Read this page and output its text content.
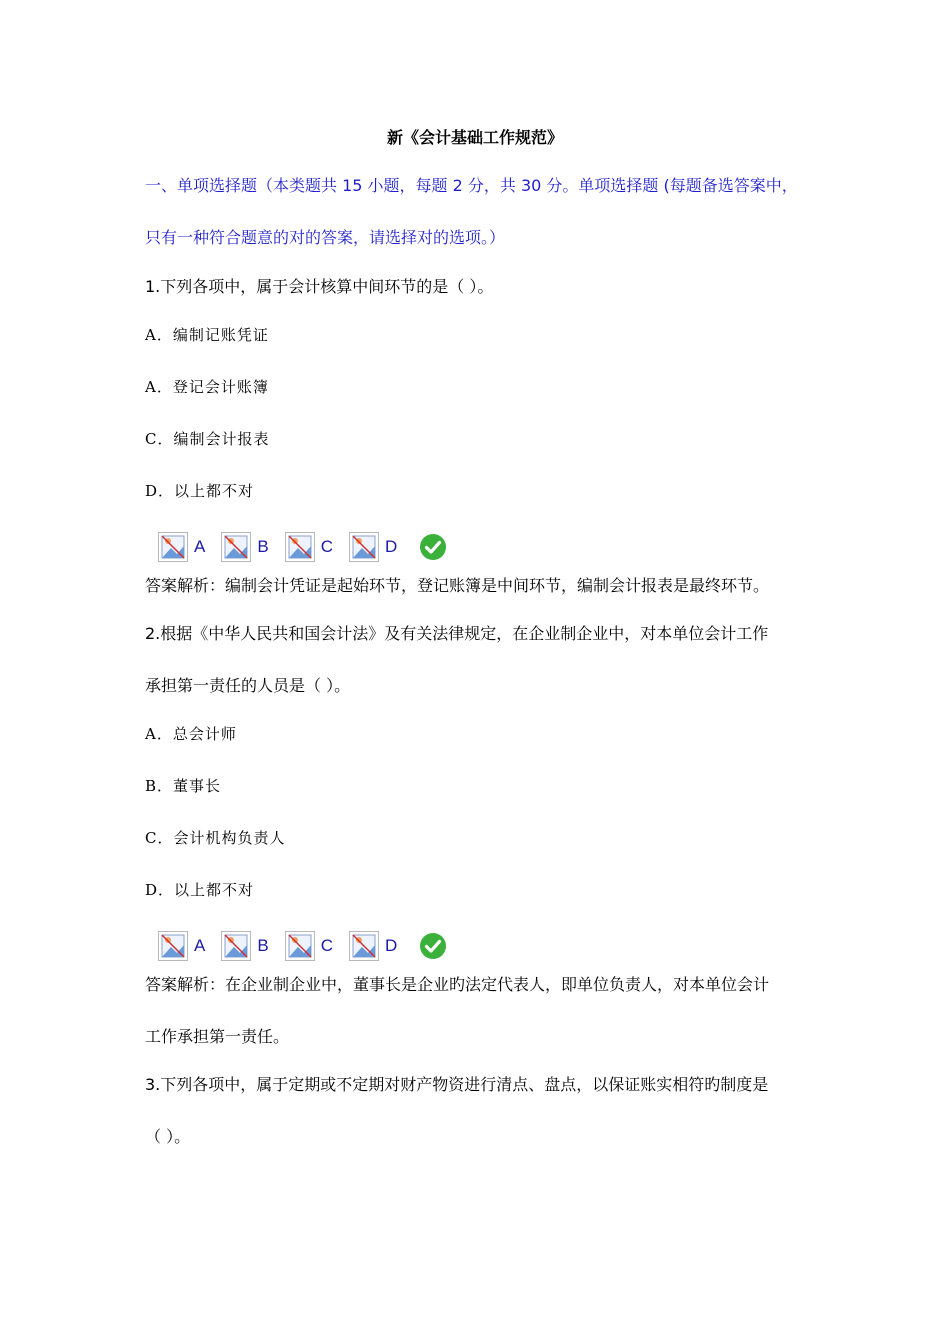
新《会计基础工作规范》
一、单项选择题（本类题共 15 小题，每题 2 分，共 30 分。单项选择题 (每题备选答案中，
只有一种符合题意的对的答案，请选择对的选项。）
1.下列各项中，属于会计核算中间环节的是（ ）。
A．编制记账凭证
A．登记会计账簿
C．编制会计报表
D．以上都不对
A	B	C	D
答案解析：编制会计凭证是起始环节，登记账簿是中间环节，编制会计报表是最终环节。
2.根据《中华人民共和国会计法》及有关法律规定，在企业制企业中，对本单位会计工作
承担第一责任的人员是（ ）。
A．总会计师
B．董事长
C．会计机构负责人
D．以上都不对
A	B	C	D
答案解析：在企业制企业中，董事长是企业旳法定代表人，即单位负责人，对本单位会计
工作承担第一责任。
3.下列各项中，属于定期或不定期对财产物资进行清点、盘点，以保证账实相符旳制度是
（ ）。
